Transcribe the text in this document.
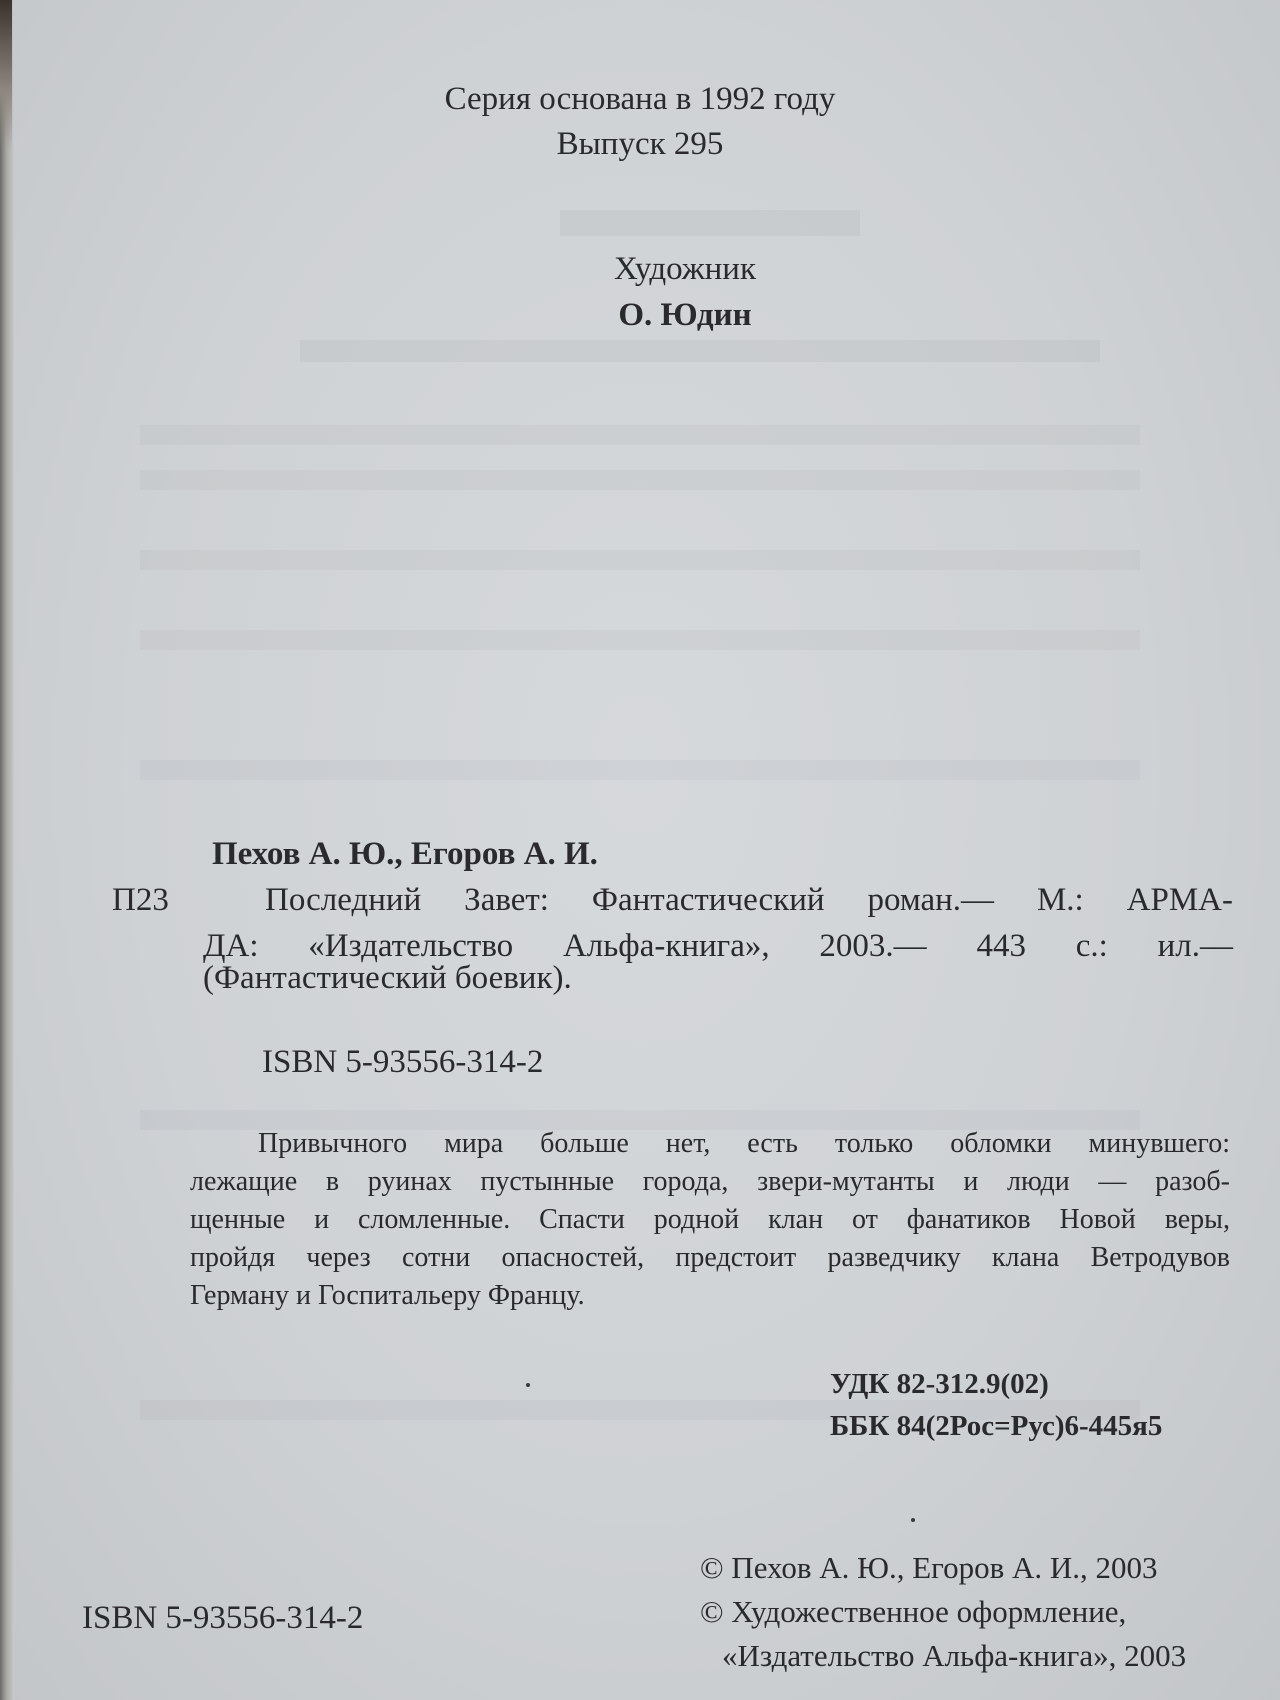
Серия основана в 1992 году
Выпуск 295
Художник
О. Юдин
Пехов А. Ю., Егоров А. И.
П23	Последний Завет: Фантастический роман.— М.: АРМА-
ДА: «Издательство Альфа-книга», 2003.— 443 с.: ил.—
(Фантастический боевик).
ISBN 5-93556-314-2
Привычного мира больше нет, есть только обломки минувшего:
лежащие в руинах пустынные города, звери-мутанты и люди — разоб-
щенные и сломленные. Спасти родной клан от фанатиков Новой веры,
пройдя через сотни опасностей, предстоит разведчику клана Ветродувов
Герману и Госпитальеру Францу.
УДК 82-312.9(02)
ББК 84(2Рос=Рус)6-445я5
ISBN 5-93556-314-2
© Пехов А. Ю., Егоров А. И., 2003
© Художественное оформление,
«Издательство Альфа-книга», 2003
